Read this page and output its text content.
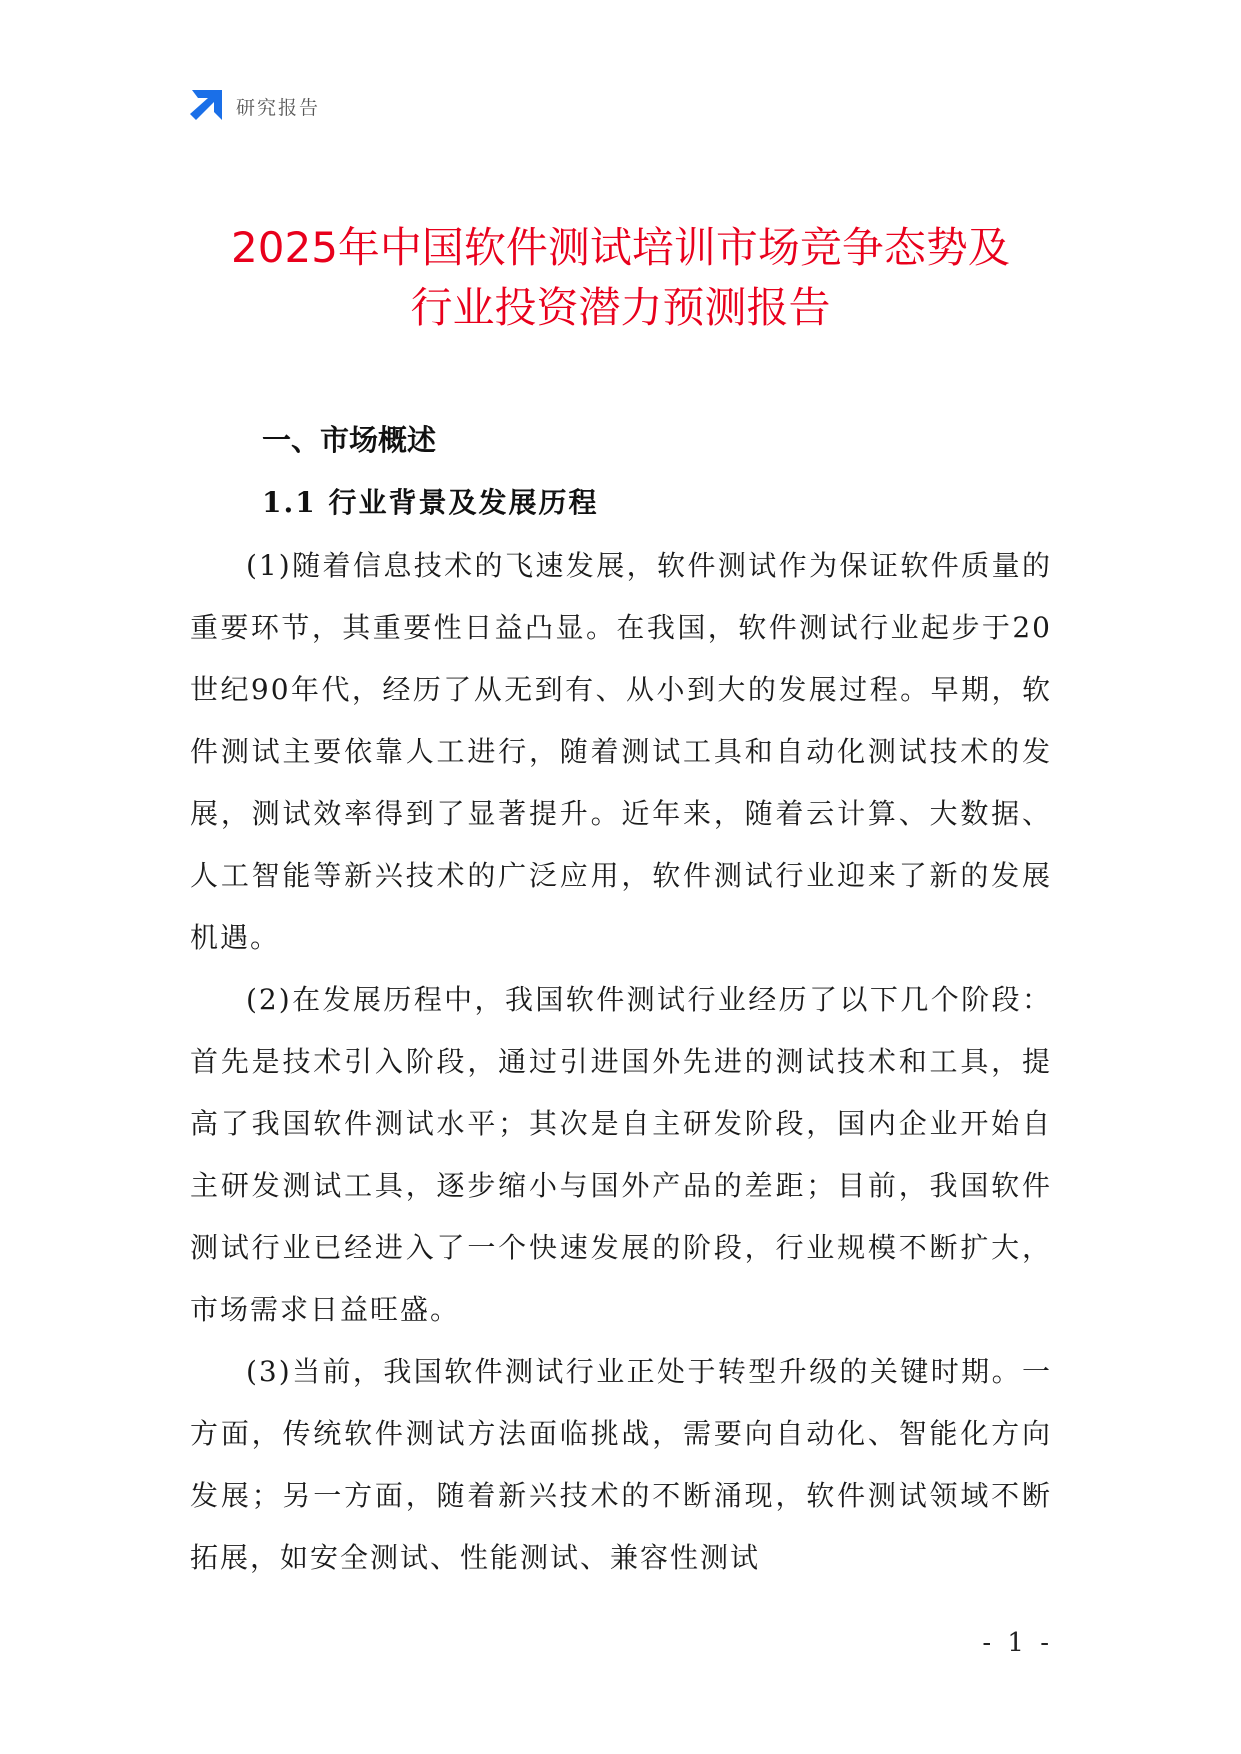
研究报告
2025年中国软件测试培训市场竞争态势及
行业投资潜力预测报告
一、市场概述
1.1 行业背景及发展历程

(1)随着信息技术的飞速发展，软件测试作为保证软件质量的重要环节，其重要性日益凸显。在我国，软件测试行业起步于20世纪90年代，经历了从无到有、从小到大的发展过程。早期，软件测试主要依靠人工进行，随着测试工具和自动化测试技术的发展，测试效率得到了显著提升。近年来，随着云计算、大数据、人工智能等新兴技术的广泛应用，软件测试行业迎来了新的发展机遇。

(2)在发展历程中，我国软件测试行业经历了以下几个阶段：首先是技术引入阶段，通过引进国外先进的测试技术和工具，提高了我国软件测试水平；其次是自主研发阶段，国内企业开始自主研发测试工具，逐步缩小与国外产品的差距；目前，我国软件测试行业已经进入了一个快速发展的阶段，行业规模不断扩大，市场需求日益旺盛。

(3)当前，我国软件测试行业正处于转型升级的关键时期。一方面，传统软件测试方法面临挑战，需要向自动化、智能化方向发展；另一方面，随着新兴技术的不断涌现，软件测试领域不断拓展，如安全测试、性能测试、兼容性测试

- 1 -
